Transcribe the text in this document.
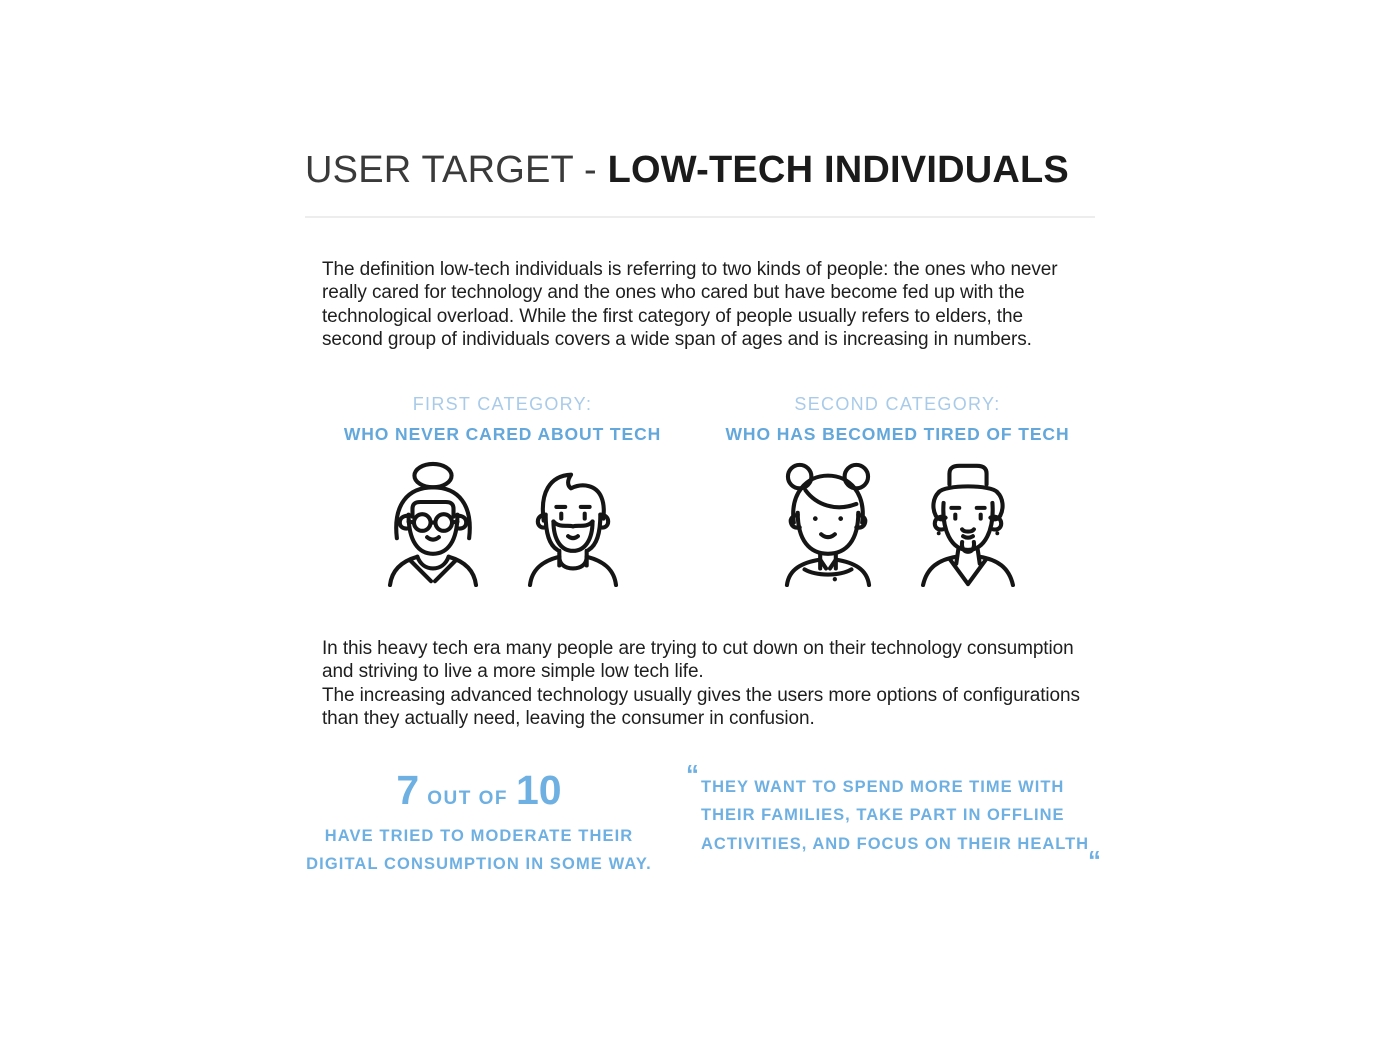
USER TARGET - LOW-TECH INDIVIDUALS

The definition low-tech individuals is referring to two kinds of people: the ones who never really cared for technology and the ones who cared but have become fed up with the technological overload. While the first category of people usually refers to elders, the second group of individuals covers a wide span of ages and is increasing in numbers.

FIRST CATEGORY:
WHO NEVER CARED ABOUT TECH
SECOND CATEGORY:
WHO HAS BECOMED TIRED OF TECH

In this heavy tech era many people are trying to cut down on their technology consumption and striving to live a more simple low tech life.

The increasing advanced technology usually gives the users more options of configurations than they actually need, leaving the consumer in confusion.

7 OUT OF 10
HAVE TRIED TO MODERATE THEIR
DIGITAL CONSUMPTION IN SOME WAY.
“ THEY WANT TO SPEND MORE TIME WITH
THEIR FAMILIES, TAKE PART IN OFFLINE
ACTIVITIES, AND FOCUS ON THEIR HEALTH
“
